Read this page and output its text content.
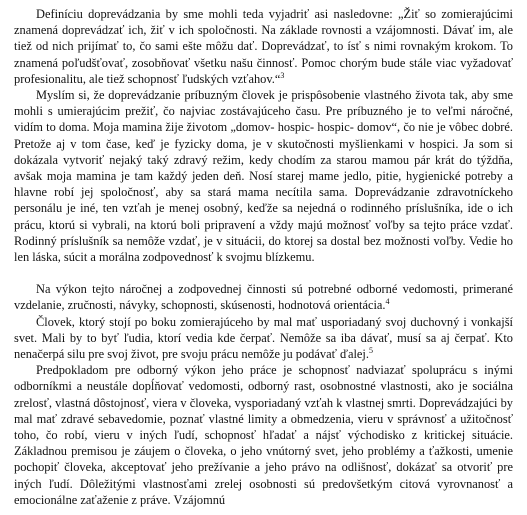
Definíciu doprevádzania by sme mohli teda vyjadriť asi nasledovne: „Žiť so zomierajúcimi znamená doprevádzať ich, žiť v ich spoločnosti. Na základe rovnosti a vzájomnosti. Dávať im, ale tiež od nich prijímať to, čo sami ešte môžu dať. Doprevádzať, to ísť s nimi rovnakým krokom. To znamená poľudšťovať, zosobňovať všetku našu činnosť. Pomoc chorým bude stále viac vyžadovať profesionalitu, ale tiež schopnosť ľudských vzťahov.“$^3$

Myslím si, že doprevádzanie príbuzným človek je prispôsobenie vlastného života tak, aby sme mohli s umierajúcim prežiť, čo najviac zostávajúceho času. Pre príbuzného je to veľmi náročné, vidím to doma. Moja mamina žije životom „domov- hospic- hospic- domov“, čo nie je vôbec dobré. Pretože aj v tom čase, keď je fyzicky doma, je v skutočnosti myšlienkami v hospici. Ja som si dokázala vytvoriť nejaký taký zdravý režim, kedy chodím za starou mamou pár krát do týždňa, avšak moja mamina je tam každý jeden deň. Nosí starej mame jedlo, pitie, hygienické potreby a hlavne robí jej spoločnosť, aby sa stará mama necítila sama. Doprevádzanie zdravotníckeho personálu je iné, ten vzťah je menej osobný, keďže sa nejedná o rodinného príslušníka, ide o ich prácu, ktorú si vybrali, na ktorú boli pripravení a vždy majú možnosť voľby sa tejto práce vzdať. Rodinný príslušník sa nemôže vzdať, je v situácii, do ktorej sa dostal bez možnosti voľby. Vedie ho len láska, súcit a morálna zodpovednosť k svojmu blízkemu.

Na výkon tejto náročnej a zodpovednej činnosti sú potrebné odborné vedomosti, primerané vzdelanie, zručnosti, návyky, schopnosti, skúsenosti, hodnotová orientácia.$^4$

Človek, ktorý stojí po boku zomierajúceho by mal mať usporiadaný svoj duchovný i vonkajší svet. Mali by to byť ľudia, ktorí vedia kde čerpať. Nemôže sa iba dávať, musí sa aj čerpať. Kto nenačerpá silu pre svoj život, pre svoju prácu nemôže ju podávať ďalej.$^5$

Predpokladom pre odborný výkon jeho práce je schopnosť nadviazať spoluprácu s inými odborníkmi a neustále dopĺňovať vedomosti, odborný rast, osobnostné vlastnosti, ako je sociálna zrelosť, vlastná dôstojnosť, viera v človeka, vysporiadaný vzťah k vlastnej smrti. Doprevádzajúci by mal mať zdravé sebavedomie, poznať vlastné limity a obmedzenia, vieru v správnosť a užitočnosť toho, čo robí, vieru v iných ľudí, schopnosť hľadať a nájsť východisko z kritickej situácie. Základnou premisou je záujem o človeka, o jeho vnútorný svet, jeho problémy a ťažkosti, umenie pochopiť človeka, akceptovať jeho prežívanie a jeho právo na odlišnosť, dokázať sa otvoriť pre iných ľudí. Dôležitými vlastnosťami zrelej osobnosti sú predovšetkým citová vyrovnanosť a emocionálne zaťaženie z práve. Vzájomnú
